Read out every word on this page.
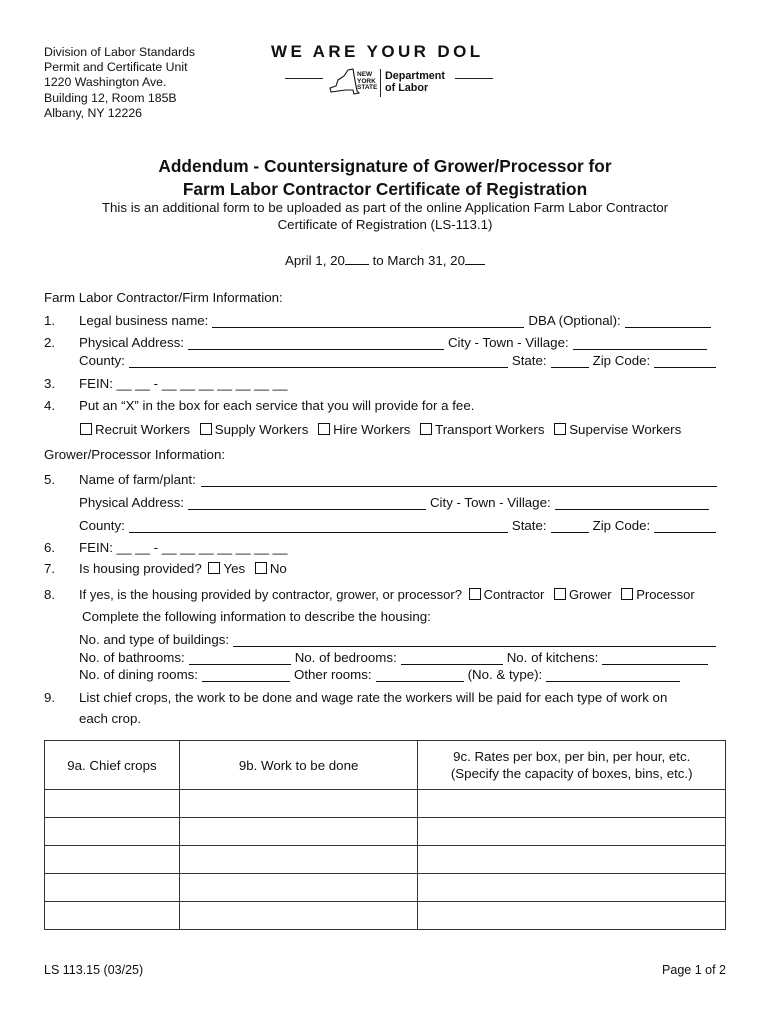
Division of Labor Standards
Permit and Certificate Unit
1220 Washington Ave.
Building 12, Room 185B
Albany, NY 12226
WE ARE YOUR DOL
NEW
YORK
STATE
Department
of Labor
Addendum - Countersignature of Grower/Processor for
Farm Labor Contractor Certificate of Registration
This is an additional form to be uploaded as part of the online Application Farm Labor Contractor
Certificate of Registration (LS-113.1)
April 1, 20 to March 31, 20
Farm Labor Contractor/Firm Information:
1. Legal business name:	DBA (Optional):
2. Physical Address:	City - Town - Village:
County:	State:	Zip Code:
3. FEIN: __ __ - __ __ __ __ __ __ __
4. Put an “X” in the box for each service that you will provide for a fee.
Recruit Workers Supply Workers Hire Workers Transport Workers Supervise Workers
Grower/Processor Information:
5. Name of farm/plant:
Physical Address:	City - Town - Village:
County:	State:	Zip Code:
6. FEIN: __ __ - __ __ __ __ __ __ __
7. Is housing provided? Yes No
8. If yes, is the housing provided by contractor, grower, or processor? Contractor Grower Processor
Complete the following information to describe the housing:
No. and type of buildings:
No. of bathrooms:	No. of bedrooms:	No. of kitchens:
No. of dining rooms:	Other rooms:	(No. & type):
9. List chief crops, the work to be done and wage rate the workers will be paid for each type of work on
each crop.
9a. Chief crops	9b. Work to be done	9c. Rates per box, per bin, per hour, etc.
(Specify the capacity of boxes, bins, etc.)

LS 113.15 (03/25)	Page 1 of 2
